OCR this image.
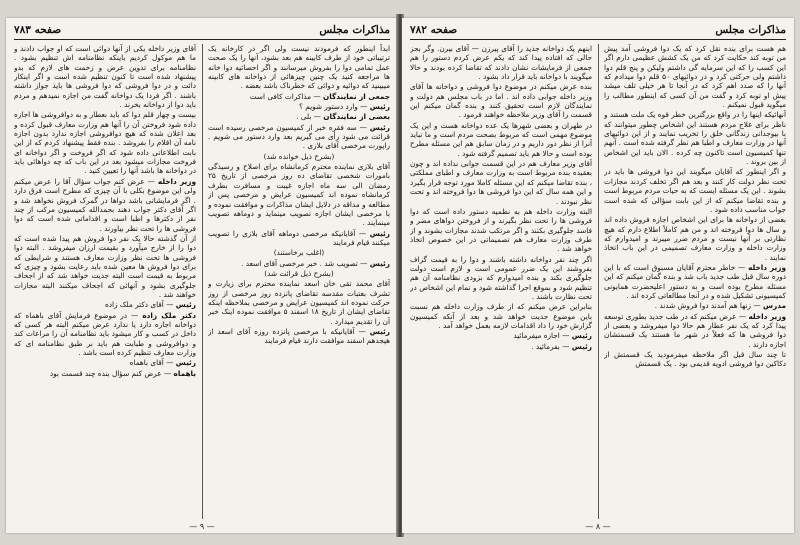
مذاکرات مجلس
صفحه ۷۸۳

ابداً اینطور که فرمودند نیست ولی اگر در کارخانه یک ترتیباتی خود از طرف کابینه هم بعد بشود، آنها را یک صحت عمل تمامی دوا را بفروش میرسانند و اگر احصائیه دوا خانه ها مراجعه کنید یک چنین چیزهائی از دواخانه های کابینه میبینید که دوائیه و دوائی که خطرناک باشد بعضه .

جمعی از نمایندگان — مذاکرات کافی است

رئیس — وارد دستور شویم ؟

بعضی از نمایندگان — بلی .

رئیس — سه فقره خبر از کمیسیون مرخصی رسیده است قرائت می شود رأی می گیریم بعد وارد دستور می شویم . راپورت مرخصی آقای بلازی .

(بشرح ذیل خوانده شد)

آقای بلازی نماینده محترم کرمانشاه برای اصلاح و رسیدگی بامورات شخصی تقاضای ده روز مرخصی از تاریخ ۲۵ رمضان الی سه ماه اجازه غیبت و مسافرت بطرف کرمانشاه نموده اند کمیسیون عرایض و مرخصی پس از مطالعه و مداقه در دلایل ایشان مذاکرات و موافقت نموده و با مرخصی ایشان اجازه تصویب مینماید و دوماهه تصویب مینمایند .

رئیس — آقایانیکه مرخصی دوماهه آقای بلازی را تصویب میکنند قیام فرمایند

(اغلب برخاستند)

رئیس — تصویب شد . خبر مرخصی آقای اسعد .

(بشرح ذیل قرائت شد)

آقای محمد تقی خان اسعد نماینده محترم برای زیارت و تشرف بعتبات مقدسه تقاضای پانزده روز مرخصی از روز حرکت نموده اند کمیسیون عرایض و مرخصی بملاحظه اینکه تقاضای ایشان از تاریخ ۱۸ اسفند ۵ موافقت نموده اینک خبر آن را تقدیم میدارد .

رئیس — آقایانیکه با مرخصی پانزده روزه آقای اسعد از هیجدهم اسفند موافقت دارند قیام فرمایند

آقای وزیر داخله یکی از آنها دوائی است که او جواب دادند و ما هم موکول کردیم باینکه نظامنامه اش تنظیم بشود . نظامنامه برای تدوین عرض و زحمت های لازم که بدو پیشنهاد شده است تا کنون تنظیم شده است و اگر اینکار دائت و در دوا فروشی که دوا فروشی ها باید جواز داشته باشند . اگر فردا یک دواخانه گفت من اجازه نمیدهم و مردم باید دوا از دواخانه بخرند .

بیست و چهار قلم دوا که باید بعطار و به دوافروشی ها اجازه داده شود فروختن آن را آنها هم وزارت معارف قبول کرده و بعد اعلان شده که هیچ دوافروشی اجازه ندارد بدون اجازه نامه آن اقلام را بفروشد . بنده فقط پیشنهاد کردم که از این بابت اطلاعاتی داده شود که اگر فروخت و اگر دواخانه ای فروخت مجازات میشود بعد در این باب که چه دواهائی باید در دواخانه ها باشد آنها را تعیین کنید .

وزیر داخله — عرض کنم جواب سؤال آقا را عرض میکنم ولی این موضوع بکلی با آن چیزی که مطرح است فرق دارد . اگر فرمایشاتی باشد دواها در گمرک فروش نخواهد شد و اگر آقای دکتر جواب دهند بحمدالله کمیسیون مرکب از چند نفر از دکترها و اطبا است و اقداماتی شده است که دوا فروشی ها را تحت نظر بیاورند .

از آن گذشته حالا یک نفر دوا فروش هم پیدا شده است که دوا را از خارج میآورد و بقیمت ارزان میفروشد . البته دوا فروشی ها تحت نظر وزارت معارف هستند و شرایطی که برای دوا فروش ها معین شده باید رعایت بشود و چیزی که مربوط به قیمت است البته جدیت خواهد شد که از اجحاف جلوگیری بشود و آنهائی که اجحاف میکنند البته مجازات خواهند شد .

رئیس — آقای دکتر ملک زاده

دکتر ملک زاده — در موضوع فرمایش آقای باهماه که دواخانه اجازه دارد یا ندارد عرض میکنم البته هر کسی که داخل در کسب و کار میشود باید نظامنامه آن را مراعات کند و دوافروشی و طبابت هم باید بر طبق نظامنامه ای که وزارت معارف تنظیم کرده است باشد .

رئیس — آقای باهماه

باهماه — عرض کنم سؤال بنده چند قسمت بود

— ۹ —
مذاکرات مجلس
صفحه ۷۸۲

هم هست برای بنده نقل کرد که یک دوا فروشی آمد پیش من توبه کند حکایت کرد که من یک کشش عظیمی دارم اگر این کسب را که این سرمایه گی داشتم ولیکن و پنج قلم دوا داشتم ولی حرکتی کرد و در دوائیهای ۵۰ قلم دوا میدادم که آنها را که صدد اهم کرد که در آنجا تا هر خیلی تلف میشد پیش او توبه کرد و گفت من آن کسی که اینطور مطالب را میگوید قبول نمیکنم .

آنهائیکه اینها را در واقع بزرگترین خطر قوه یک ملت هستند و ناظر برای علاج مردم هستند این اشخاص چطور میتوانند که با بیوجدانی زندگانی خلق را تخریب نمایند و از این دوائیهای آنها در وزارت معارف و اطبا هم نظر گرفته شده است . آنهم تنها کمیسیون است تاکنون چه کرده . الان باید این اشخاص از بین بروند .

و اگر اینطور که آقایان میگویند این دوا فروشی ها باید در تحت نظر دولت کار کنند و بعد هم اگر تخلف کردند مجازات بشوند . این یک مسئله ایست که به حیات مردم مربوط است و بنده تقاضا میکنم که از این بابت سؤالی که شده است جواب مناسب داده شود .

بعضی از دواخانه ها برای این اشخاص اجازه فروش داده اند و سال ها دوا فروخته اند و من هم کاملاً اطلاع دارم که هیچ نظارتی بر آنها نیست و مردم ضرر میبرند و امیدوارم که وزارت داخله و وزارت معارف تصمیمی در این باب اتخاذ نمایند .

وزیر داخله — خاطر محترم آقایان مسبوق است که با این دوره سال قبل طب جدید باب شد و بنده گمان میکنم که این مسئله مطرح بوده است و به دستور اعلیحضرت همایونی کمیسیونی تشکیل شده و در آنجا مطالعاتی کرده اند .

مدرس — زنها هم آمدند دوا فروش شدند .

وزیر داخله — عرض میکنم که در طب جدید بطوری توسعه پیدا کرد که یک نفر عطار هم حالا دوا میفروشد و بعضی از دوا فروشی ها که فعلاً در شهر ما هستند یک قسمتشان اجازه دارند .

تا چند سال قبل اگر ملاحظه میفرمودید یک قسمتش از دکاکین دوا فروشی ادویه قدیمی بود . یک قسمتش

اینهم یک دواخانه جدید را آقای پیرزن — آقای بیرن. وگر بجز حالی که افتاده پیدا کند که یکم عرض کردم دستور را هم جمعی از فرمایشات نشان دادند که تقاضا کرده بودند و حالا میگویند با دواخانه باید قرار داد بشود .

بنده عرض میکنم در موضوع دوا فروشی و دواخانه ها آقای وزیر داخله جوابی داده اند . اما در باب مجلس هم دولت و نمایندگان لازم است تحقیق کنند و بنده گمان میکنم این قسمت را آقای وزیر ملاحظه خواهند فرمود .

در طهران و بعضی شهرها یک عده دواخانه هست و این یک موضوع مهمی است که مربوط بصحت مردم است و ما نباید آنرا از نظر دور داریم و در زمان سابق هم این مسئله مطرح بوده است و حالا هم باید تصمیم گرفته شود .

آقای وزیر معارف هم در این قسمت جوابی نداده اند و چون بعقیده بنده مربوط است به وزارت معارف و اطبای مملکتی ، بنده تقاضا میکنم که این مسئله کاملا مورد توجه قرار بگیرد و این همه سال که این دوا فروشی ها دوا فروخته اند و تحت نظر نبودند .

البته وزارت داخله هم به نظمیه دستور داده است که دوا فروشی ها را تحت نظر بگیرند و از فروختن دواهای مضر و فاسد جلوگیری بکنند و اگر مرتکب شدند مجازات بشوند و از طرف وزارت معارف هم تصمیماتی در این خصوص اتخاذ خواهد شد .

اگر چند نفر دواخانه داشته باشند و دوا را به قیمت گزاف بفروشند این یک ضرر عمومی است و لازم است دولت جلوگیری بکند و بنده امیدوارم که بزودی نظامنامه آن هم تنظیم شود و بموقع اجرا گذاشته شود و تمام این اشخاص در تحت نظارت باشند .

بنابراین عرض میکنم که از طرف وزارت داخله هم نسبت باین موضوع جدیت خواهد شد و بعد از آنکه کمیسیون گزارش خود را داد اقدامات لازمه بعمل خواهد آمد .

رئیس — اجازه میفرمائید

رئیس — بفرمائید .

— ۸ —
